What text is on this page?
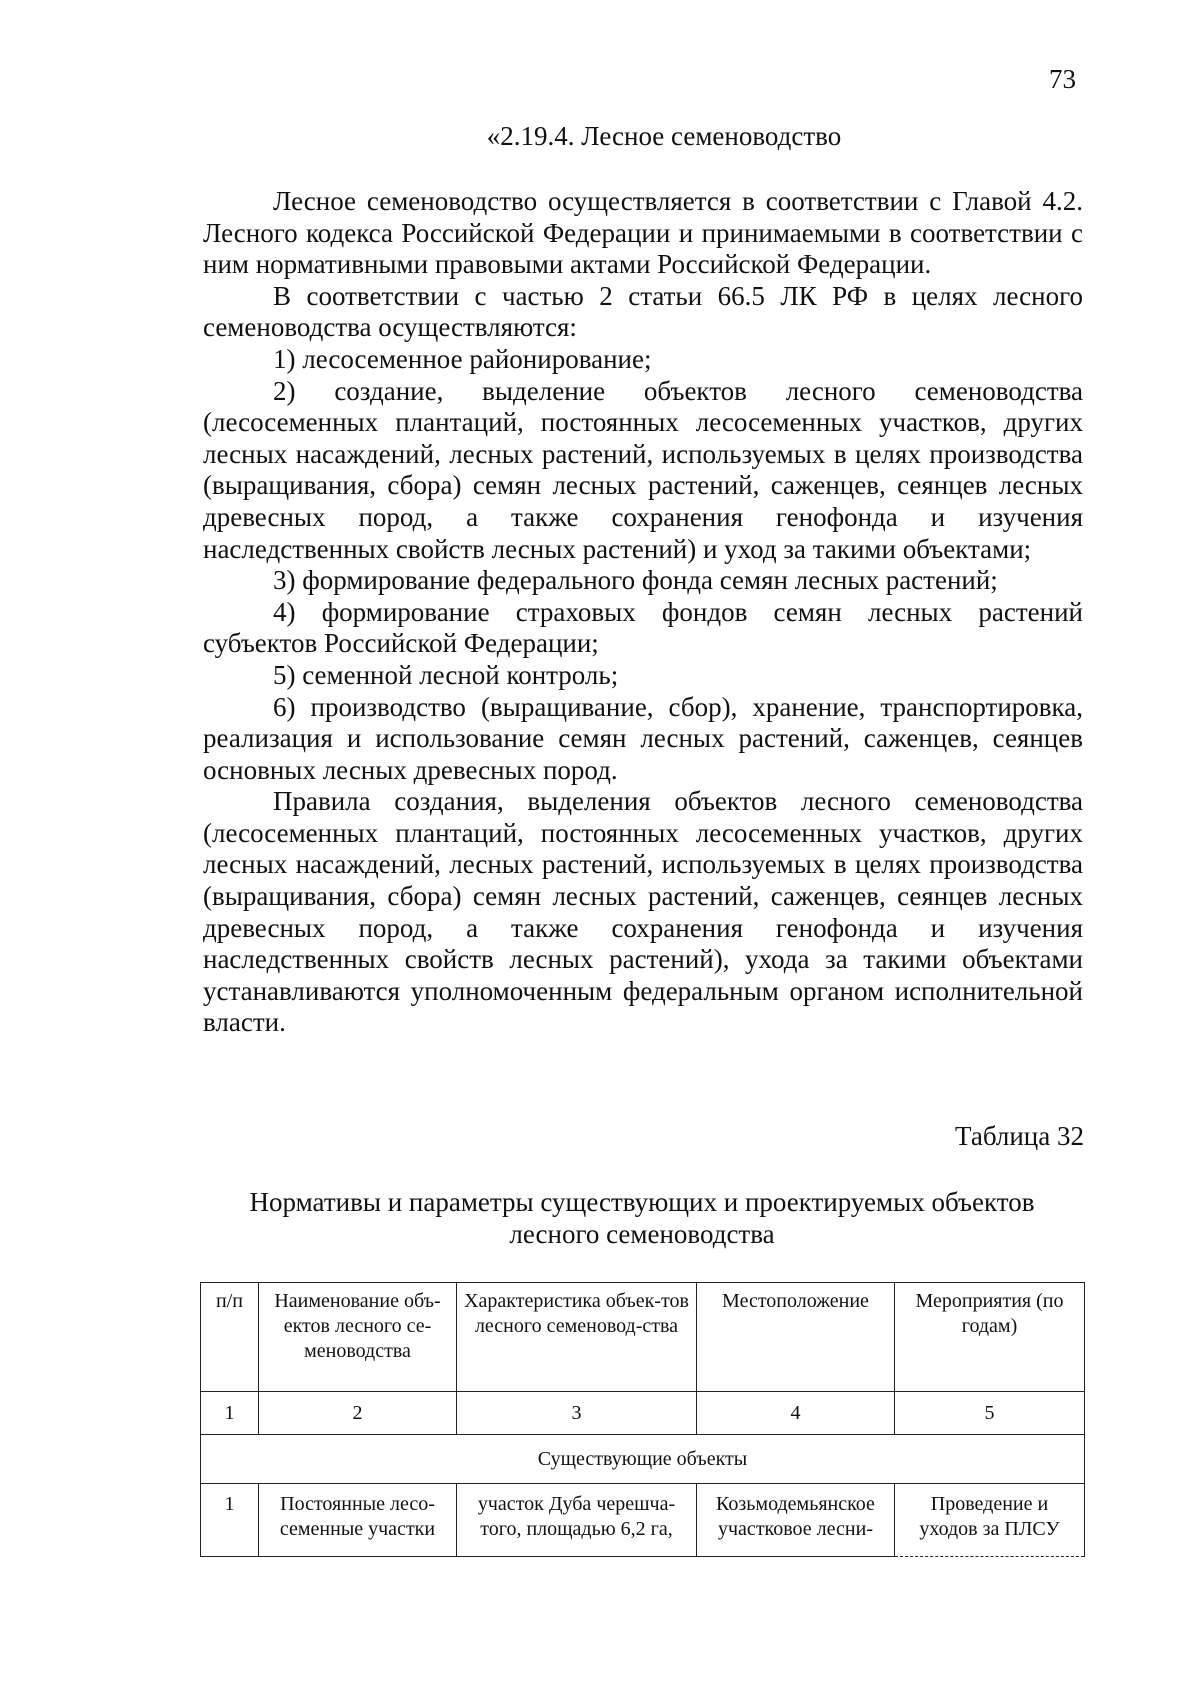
73
«2.19.4. Лесное семеноводство

Лесное семеноводство осуществляется в соответствии с Главой 4.2. Лесного кодекса Российской Федерации и принимаемыми в соответствии с ним нормативными правовыми актами Российской Федерации.

В соответствии с частью 2 статьи 66.5 ЛК РФ в целях лесного семеноводства осуществляются:

1) лесосеменное районирование;

2) создание, выделение объектов лесного семеноводства (лесосеменных плантаций, постоянных лесосеменных участков, других лесных насаждений, лесных растений, используемых в целях производства (выращивания, сбора) семян лесных растений, саженцев, сеянцев лесных древесных пород, а также сохранения генофонда и изучения наследственных свойств лесных растений) и уход за такими объектами;

3) формирование федерального фонда семян лесных растений;

4) формирование страховых фондов семян лесных растений субъектов Российской Федерации;

5) семенной лесной контроль;

6) производство (выращивание, сбор), хранение, транспортировка, реализация и использование семян лесных растений, саженцев, сеянцев основных лесных древесных пород.

Правила создания, выделения объектов лесного семеноводства (лесосеменных плантаций, постоянных лесосеменных участков, других лесных насаждений, лесных растений, используемых в целях производства (выращивания, сбора) семян лесных растений, саженцев, сеянцев лесных древесных пород, а также сохранения генофонда и изучения наследственных свойств лесных растений), ухода за такими объектами устанавливаются уполномоченным федеральным органом исполнительной власти.

Таблица 32
Нормативы и параметры существующих и проектируемых объектов
лесного семеноводства
п/п	Наименование объ-ектов лесного се-меноводства	Характеристика объек-тов лесного семеновод-ства	Местоположение	Мероприятия (по годам)
1	2	3	4	5
Существующие объекты				
1	Постоянные лесо-семенные участки	участок Дуба черешча-того, площадью 6,2 га,	Козьмодемьянское участковое лесни-	Проведение и уходов за ПЛСУ
